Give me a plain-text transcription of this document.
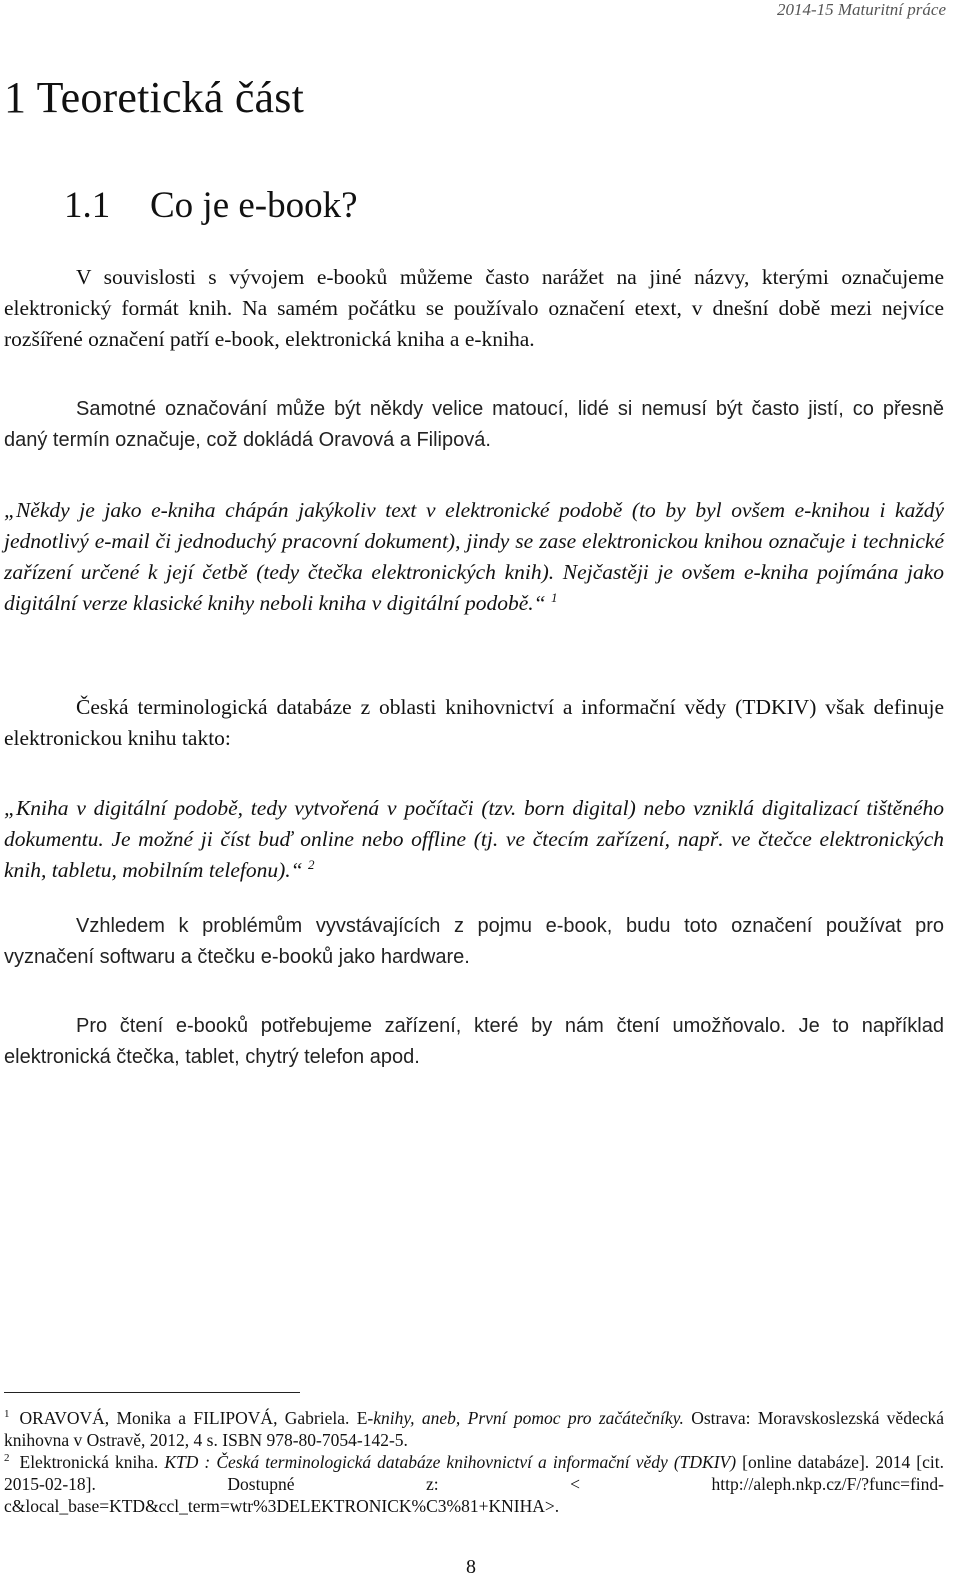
2014-15 Maturitní práce
1 Teoretická část
1.1 Co je e-book?

V souvislosti s vývojem e-booků můžeme často narážet na jiné názvy, kterými označujeme elektronický formát knih. Na samém počátku se používalo označení etext, v dnešní době mezi nejvíce rozšířené označení patří e-book, elektronická kniha a e-kniha.

Samotné označování může být někdy velice matoucí, lidé si nemusí být často jistí, co přesně daný termín označuje, což dokládá Oravová a Filipová.

„Někdy je jako e-kniha chápán jakýkoliv text v elektronické podobě (to by byl ovšem e-knihou i každý jednotlivý e-mail či jednoduchý pracovní dokument), jindy se zase elektronickou knihou označuje i technické zařízení určené k její četbě (tedy čtečka elektronických knih). Nejčastěji je ovšem e-kniha pojímána jako digitální verze klasické knihy neboli kniha v digitální podobě.“ $^1$

Česká terminologická databáze z oblasti knihovnictví a informační vědy (TDKIV) však definuje elektronickou knihu takto:

„Kniha v digitální podobě, tedy vytvořená v počítači (tzv. born digital) nebo vzniklá digitalizací tištěného dokumentu. Je možné ji číst buď online nebo offline (tj. ve čtecím zařízení, např. ve čtečce elektronických knih, tabletu, mobilním telefonu).“ $^2$

Vzhledem k problémům vyvstávajících z pojmu e-book, budu toto označení používat pro vyznačení softwaru a čtečku e-booků jako hardware.

Pro čtení e-booků potřebujeme zařízení, které by nám čtení umožňovalo. Je to například elektronická čtečka, tablet, chytrý telefon apod.

$^1$ ORAVOVÁ, Monika a FILIPOVÁ, Gabriela. E-knihy, aneb, První pomoc pro začátečníky. Ostrava: Moravskoslezská vědecká knihovna v Ostravě, 2012, 4 s. ISBN 978-80-7054-142-5.

$^2$ Elektronická kniha. KTD : Česká terminologická databáze knihovnictví a informační vědy (TDKIV) [online databáze]. 2014 [cit. 2015-02-18]. Dostupné z: < http://aleph.nkp.cz/F/?func=find-c&local_base=KTD&ccl_term=wtr%3DELEKTRONICK%C3%81+KNIHA>.

8
